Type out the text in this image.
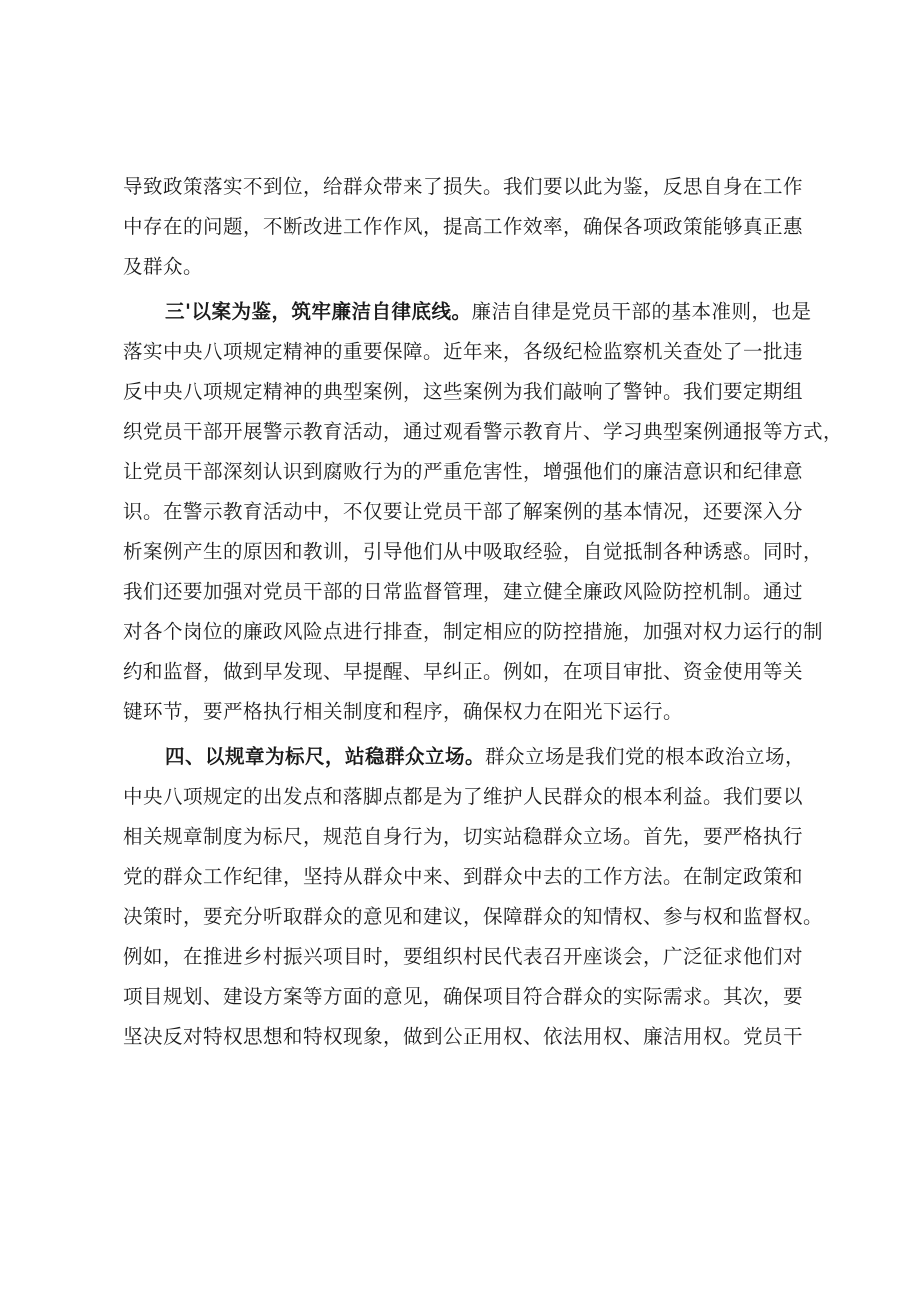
导致政策落实不到位，给群众带来了损失。我们要以此为鉴，反思自身在工作
中存在的问题，不断改进工作作风，提高工作效率，确保各项政策能够真正惠
及群众。
三'以案为鉴，筑牢廉洁自律底线。廉洁自律是党员干部的基本准则，也是
落实中央八项规定精神的重要保障。近年来，各级纪检监察机关查处了一批违
反中央八项规定精神的典型案例，这些案例为我们敲响了警钟。我们要定期组
织党员干部开展警示教育活动，通过观看警示教育片、学习典型案例通报等方式，
让党员干部深刻认识到腐败行为的严重危害性，增强他们的廉洁意识和纪律意
识。在警示教育活动中，不仅要让党员干部了解案例的基本情况，还要深入分
析案例产生的原因和教训，引导他们从中吸取经验，自觉抵制各种诱惑。同时，
我们还要加强对党员干部的日常监督管理，建立健全廉政风险防控机制。通过
对各个岗位的廉政风险点进行排查，制定相应的防控措施，加强对权力运行的制
约和监督，做到早发现、早提醒、早纠正。例如，在项目审批、资金使用等关
键环节，要严格执行相关制度和程序，确保权力在阳光下运行。
四、以规章为标尺，站稳群众立场。群众立场是我们党的根本政治立场，
中央八项规定的出发点和落脚点都是为了维护人民群众的根本利益。我们要以
相关规章制度为标尺，规范自身行为，切实站稳群众立场。首先，要严格执行
党的群众工作纪律，坚持从群众中来、到群众中去的工作方法。在制定政策和
决策时，要充分听取群众的意见和建议，保障群众的知情权、参与权和监督权。
例如，在推进乡村振兴项目时，要组织村民代表召开座谈会，广泛征求他们对
项目规划、建设方案等方面的意见，确保项目符合群众的实际需求。其次，要
坚决反对特权思想和特权现象，做到公正用权、依法用权、廉洁用权。党员干
